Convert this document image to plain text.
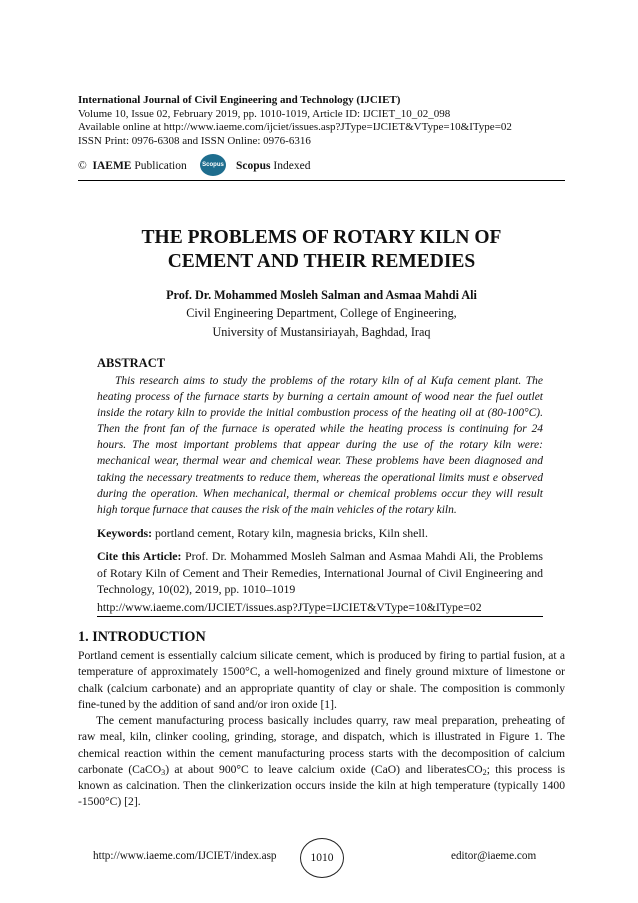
International Journal of Civil Engineering and Technology (IJCIET)
Volume 10, Issue 02, February 2019, pp. 1010-1019, Article ID: IJCIET_10_02_098
Available online at http://www.iaeme.com/ijciet/issues.asp?JType=IJCIET&VType=10&IType=02
ISSN Print: 0976-6308 and ISSN Online: 0976-6316
© IAEME Publication	Scopus Scopus Indexed
THE PROBLEMS OF ROTARY KILN OF
CEMENT AND THEIR REMEDIES
Prof. Dr. Mohammed Mosleh Salman and Asmaa Mahdi Ali
Civil Engineering Department, College of Engineering,
University of Mustansiriayah, Baghdad, Iraq
ABSTRACT

This research aims to study the problems of the rotary kiln of al Kufa cement plant. The heating process of the furnace starts by burning a certain amount of wood near the fuel outlet inside the rotary kiln to provide the initial combustion process of the heating oil at (80-100°C). Then the front fan of the furnace is operated while the heating process is continuing for 24 hours. The most important problems that appear during the use of the rotary kiln were: mechanical wear, thermal wear and chemical wear. These problems have been diagnosed and taking the necessary treatments to reduce them, whereas the operational limits must e observed during the operation. When mechanical, thermal or chemical problems occur they will result high torque furnace that causes the risk of the main vehicles of the rotary kiln.

Keywords: portland cement, Rotary kiln, magnesia bricks, Kiln shell.

Cite this Article: Prof. Dr. Mohammed Mosleh Salman and Asmaa Mahdi Ali, the Problems of Rotary Kiln of Cement and Their Remedies, International Journal of Civil Engineering and Technology, 10(02), 2019, pp. 1010–1019

http://www.iaeme.com/IJCIET/issues.asp?JType=IJCIET&VType=10&IType=02
1. INTRODUCTION

Portland cement is essentially calcium silicate cement, which is produced by firing to partial fusion, at a temperature of approximately 1500°C, a well-homogenized and finely ground mixture of limestone or chalk (calcium carbonate) and an appropriate quantity of clay or shale. The composition is commonly fine-tuned by the addition of sand and/or iron oxide [1].

The cement manufacturing process basically includes quarry, raw meal preparation, preheating of raw meal, kiln, clinker cooling, grinding, storage, and dispatch, which is illustrated in Figure 1. The chemical reaction within the cement manufacturing process starts with the decomposition of calcium carbonate (CaCO$_3$) at about 900°C to leave calcium oxide (CaO) and liberatesCO$_2$; this process is known as calcination. Then the clinkerization occurs inside the kiln at high temperature (typically 1400 -1500°C) [2].

http://www.iaeme.com/IJCIET/index.asp	1010	editor@iaeme.com
